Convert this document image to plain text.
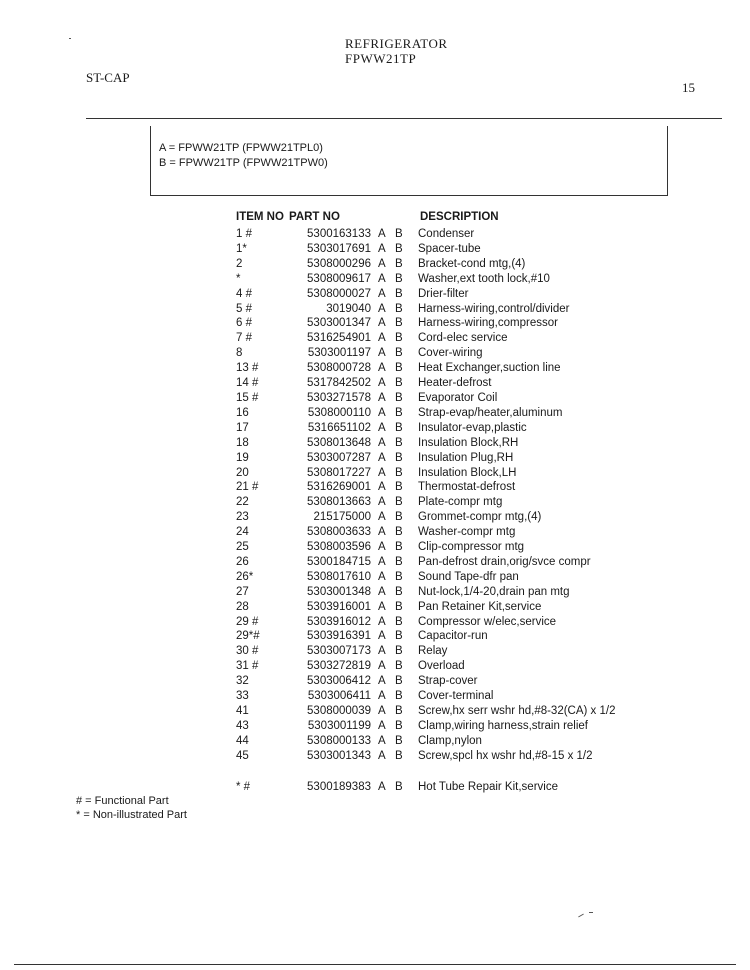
REFRIGERATOR
FPWW21TP
ST-CAP
15
A = FPWW21TP (FPWW21TPL0)
B = FPWW21TP (FPWW21TPW0)
ITEM NO PART NO	DESCRIPTION
1 #	5300163133 A B Condenser
1*	5303017691 A B Spacer-tube
2	5308000296 A B Bracket-cond mtg,(4)
*	5308009617 A B Washer,ext tooth lock,#10
4 #	5308000027 A B Drier-filter
5 #	3019040 A B Harness-wiring,control/divider
6 #	5303001347 A B Harness-wiring,compressor
7 #	5316254901 A B Cord-elec service
8	5303001197 A B Cover-wiring
13 #	5308000728 A B Heat Exchanger,suction line
14 #	5317842502 A B Heater-defrost
15 #	5303271578 A B Evaporator Coil
16	5308000110 A B Strap-evap/heater,aluminum
17	5316651102 A B Insulator-evap,plastic
18	5308013648 A B Insulation Block,RH
19	5303007287 A B Insulation Plug,RH
20	5308017227 A B Insulation Block,LH
21 #	5316269001 A B Thermostat-defrost
22	5308013663 A B Plate-compr mtg
23	215175000 A B Grommet-compr mtg,(4)
24	5308003633 A B Washer-compr mtg
25	5308003596 A B Clip-compressor mtg
26	5300184715 A B Pan-defrost drain,orig/svce compr
26*	5308017610 A B Sound Tape-dfr pan
27	5303001348 A B Nut-lock,1/4-20,drain pan mtg
28	5303916001 A B Pan Retainer Kit,service
29 #	5303916012 A B Compressor w/elec,service
29*#	5303916391 A B Capacitor-run
30 #	5303007173 A B Relay
31 #	5303272819 A B Overload
32	5303006412 A B Strap-cover
33	5303006411 A B Cover-terminal
41	5308000039 A B Screw,hx serr wshr hd,#8-32(CA) x 1/2
43	5303001199 A B Clamp,wiring harness,strain relief
44	5308000133 A B Clamp,nylon
45	5303001343 A B Screw,spcl hx wshr hd,#8-15 x 1/2
* #	5300189383 A B Hot Tube Repair Kit,service
# = Functional Part
* = Non-illustrated Part
